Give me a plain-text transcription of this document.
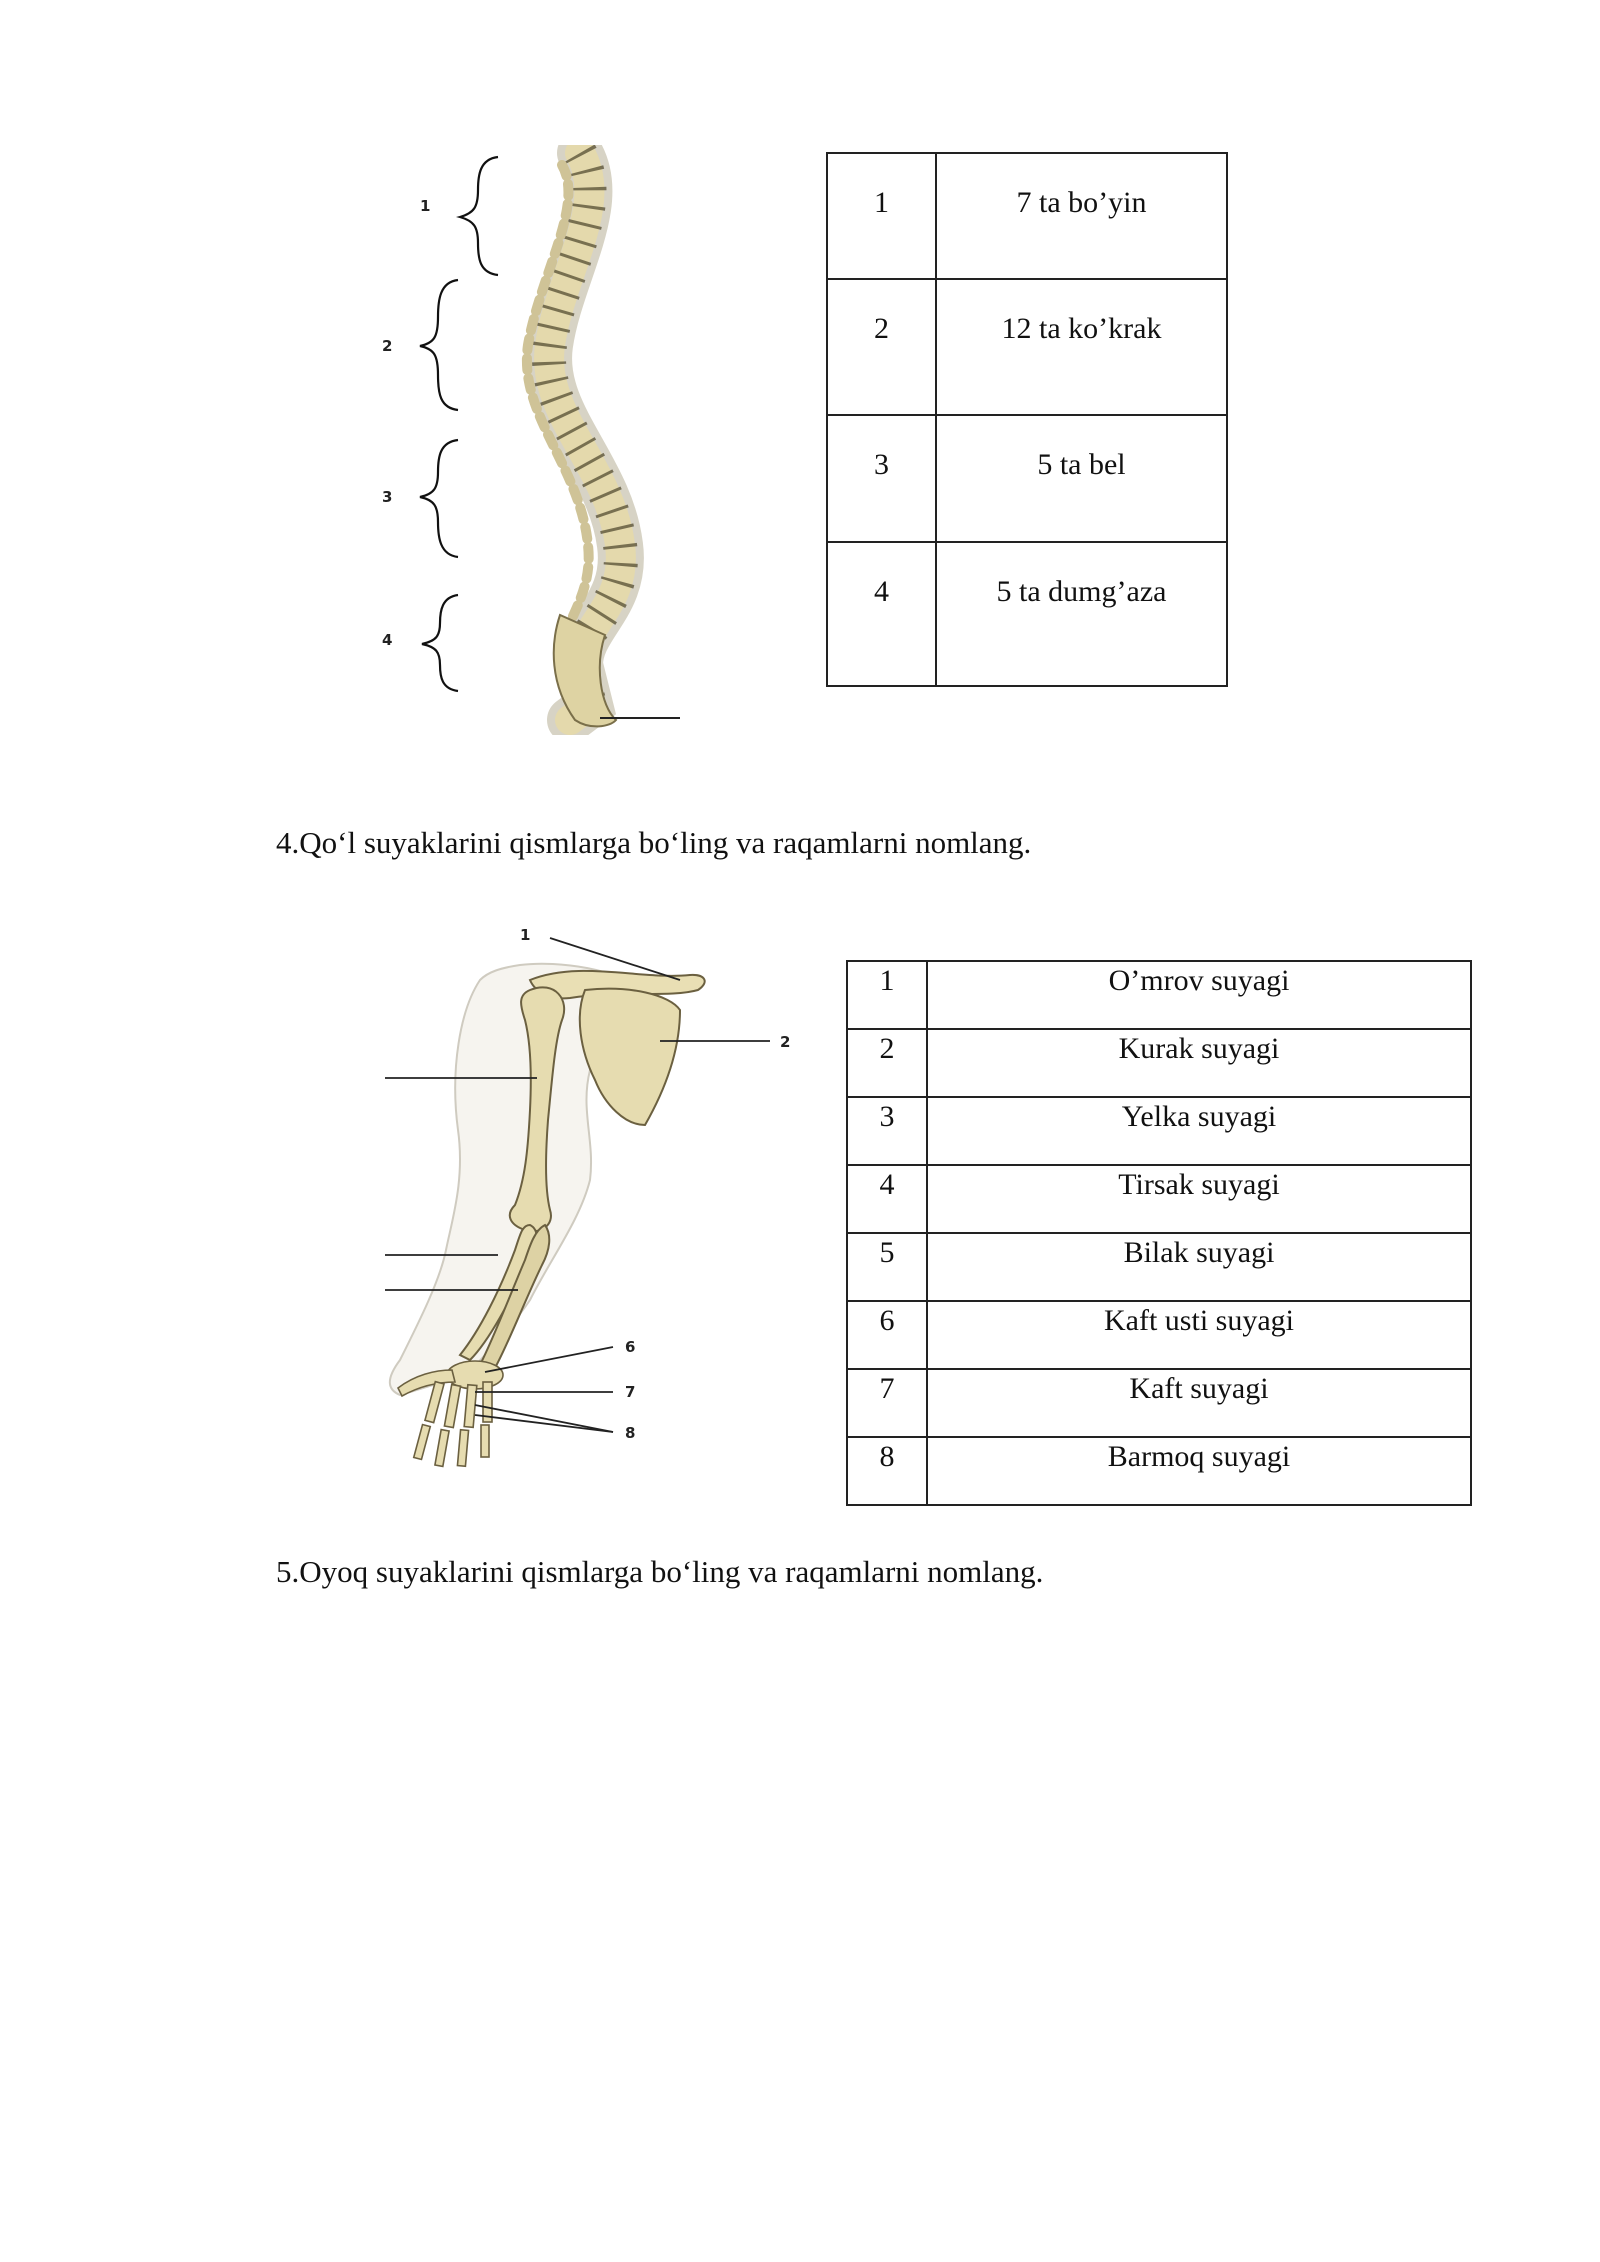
1
2
3
4
1	7 ta bo’yin
2	12 ta ko’krak
3	5 ta bel
4	5 ta dumg’aza
4.Qo‘l suyaklarini qismlarga bo‘ling va raqamlarni nomlang.
1
2
6
7
8
1	O’mrov suyagi
2	Kurak suyagi
3	Yelka suyagi
4	Tirsak suyagi
5	Bilak suyagi
6	Kaft usti suyagi
7	Kaft suyagi
8	Barmoq suyagi
5.Oyoq suyaklarini qismlarga bo‘ling va raqamlarni nomlang.
